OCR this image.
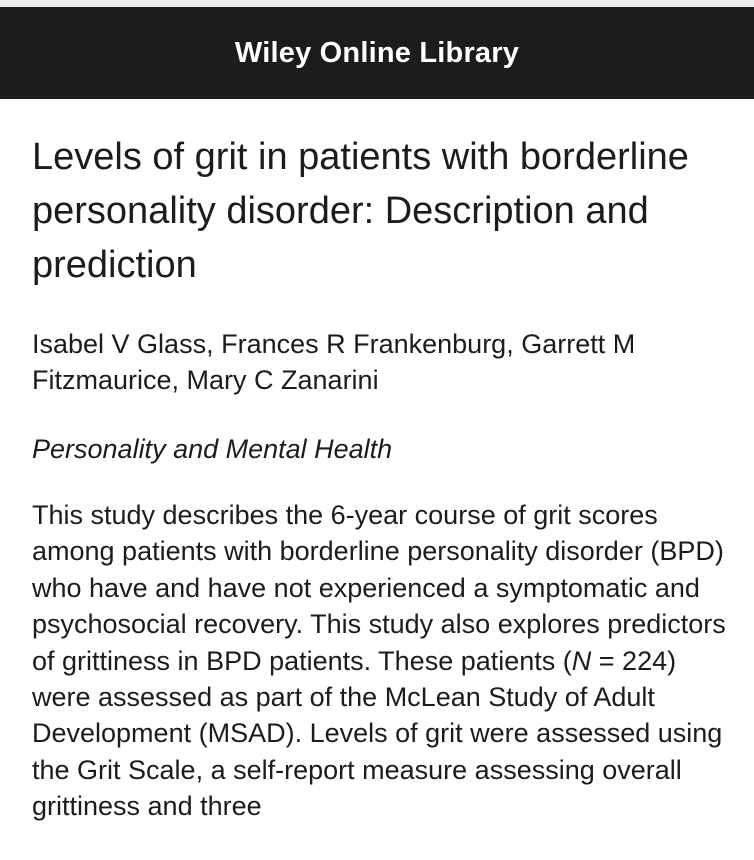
Wiley Online Library
Levels of grit in patients with borderline personality disorder: Description and prediction

Isabel V Glass, Frances R Frankenburg, Garrett M Fitzmaurice, Mary C Zanarini

Personality and Mental Health

This study describes the 6-year course of grit scores among patients with borderline personality disorder (BPD) who have and have not experienced a symptomatic and psychosocial recovery. This study also explores predictors of grittiness in BPD patients. These patients (N = 224) were assessed as part of the McLean Study of Adult Development (MSAD). Levels of grit were assessed using the Grit Scale, a self-report measure assessing overall grittiness and three
